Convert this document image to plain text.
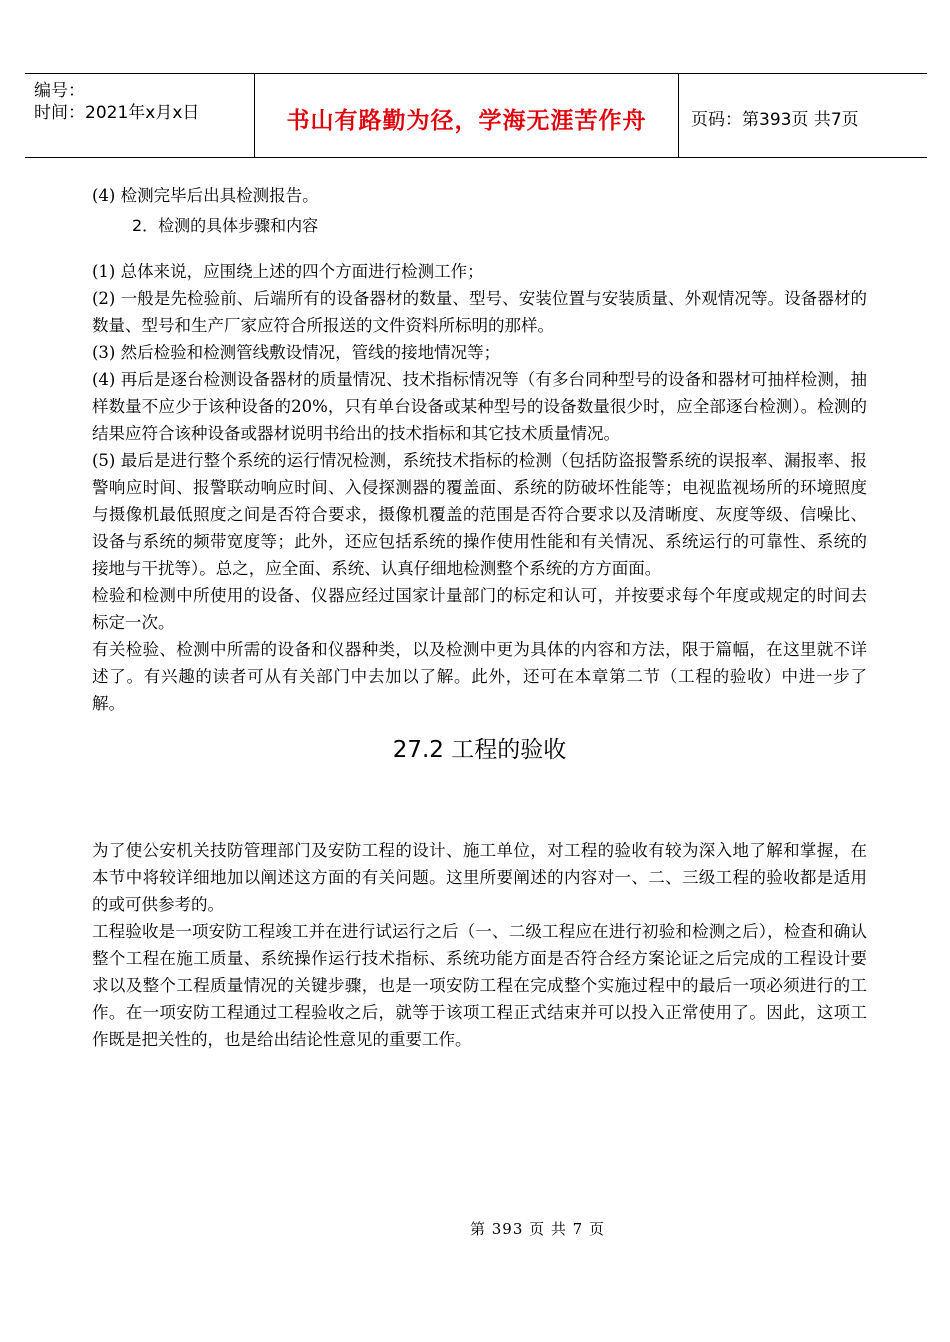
编号：
时间：2021年x月x日	书山有路勤为径，学海无涯苦作舟	页码：第393页 共7页

(4) 检测完毕后出具检测报告。

2．检测的具体步骤和内容

(1) 总体来说，应围绕上述的四个方面进行检测工作；

(2) 一般是先检验前、后端所有的设备器材的数量、型号、安装位置与安装质量、外观情况等。设备器材的数量、型号和生产厂家应符合所报送的文件资料所标明的那样。

(3) 然后检验和检测管线敷设情况，管线的接地情况等；

(4) 再后是逐台检测设备器材的质量情况、技术指标情况等（有多台同种型号的设备和器材可抽样检测，抽样数量不应少于该种设备的20%，只有单台设备或某种型号的设备数量很少时，应全部逐台检测）。检测的结果应符合该种设备或器材说明书给出的技术指标和其它技术质量情况。

(5) 最后是进行整个系统的运行情况检测，系统技术指标的检测（包括防盗报警系统的误报率、漏报率、报警响应时间、报警联动响应时间、入侵探测器的覆盖面、系统的防破坏性能等；电视监视场所的环境照度与摄像机最低照度之间是否符合要求，摄像机覆盖的范围是否符合要求以及清晰度、灰度等级、信噪比、设备与系统的频带宽度等；此外，还应包括系统的操作使用性能和有关情况、系统运行的可靠性、系统的接地与干扰等）。总之，应全面、系统、认真仔细地检测整个系统的方方面面。

检验和检测中所使用的设备、仪器应经过国家计量部门的标定和认可，并按要求每个年度或规定的时间去标定一次。

有关检验、检测中所需的设备和仪器种类，以及检测中更为具体的内容和方法，限于篇幅，在这里就不详述了。有兴趣的读者可从有关部门中去加以了解。此外，还可在本章第二节（工程的验收）中进一步了解。

27.2 工程的验收

为了使公安机关技防管理部门及安防工程的设计、施工单位，对工程的验收有较为深入地了解和掌握，在本节中将较详细地加以阐述这方面的有关问题。这里所要阐述的内容对一、二、三级工程的验收都是适用的或可供参考的。

工程验收是一项安防工程竣工并在进行试运行之后（一、二级工程应在进行初验和检测之后），检查和确认整个工程在施工质量、系统操作运行技术指标、系统功能方面是否符合经方案论证之后完成的工程设计要求以及整个工程质量情况的关键步骤，也是一项安防工程在完成整个实施过程中的最后一项必须进行的工作。在一项安防工程通过工程验收之后，就等于该项工程正式结束并可以投入正常使用了。因此，这项工作既是把关性的，也是给出结论性意见的重要工作。

第 393 页 共 7 页
